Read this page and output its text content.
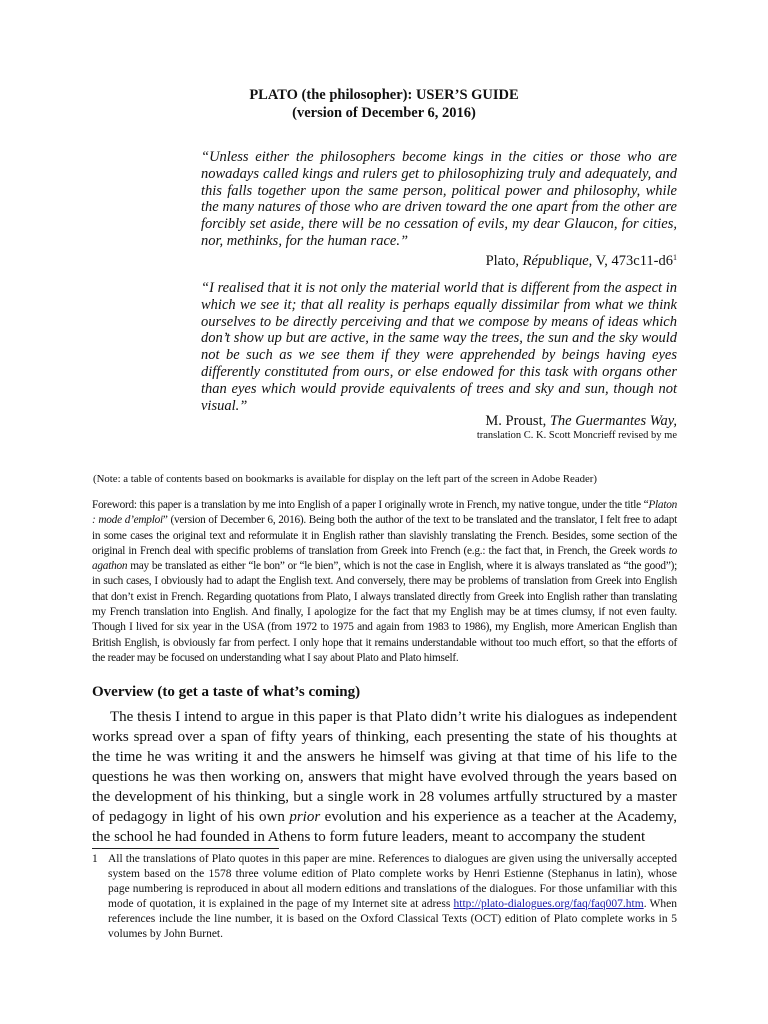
PLATO (the philosopher): USER’S GUIDE
(version of December 6, 2016)

“Unless either the philosophers become kings in the cities or those who are nowadays called kings and rulers get to philosophizing truly and adequately, and this falls together upon the same person, political power and philosophy, while the many natures of those who are driven toward the one apart from the other are forcibly set aside, there will be no cessation of evils, my dear Glaucon, for cities, nor, methinks, for the human race.”

Plato, République, V, $473c11-d6^1$

“I realised that it is not only the material world that is different from the aspect in which we see it; that all reality is perhaps equally dissimilar from what we think ourselves to be directly perceiving and that we compose by means of ideas which don’t show up but are active, in the same way the trees, the sun and the sky would not be such as we see them if they were apprehended by beings having eyes differently constituted from ours, or else endowed for this task with organs other than eyes which would provide equivalents of trees and sky and sun, though not visual.”

M. Proust, The Guermantes Way,
translation C. K. Scott Moncrieff revised by me
(Note: a table of contents based on bookmarks is available for display on the left part of the screen in Adobe Reader)

Foreword: this paper is a translation by me into English of a paper I originally wrote in French, my native tongue, under the title “Platon : mode d’emploi” (version of December 6, 2016). Being both the author of the text to be translated and the translator, I felt free to adapt in some cases the original text and reformulate it in English rather than slavishly translating the French. Besides, some section of the original in French deal with specific problems of translation from Greek into French (e.g.: the fact that, in French, the Greek words to agathon may be translated as either “le bon” or “le bien”, which is not the case in English, where it is always translated as “the good”); in such cases, I obviously had to adapt the English text. And conversely, there may be problems of translation from Greek into English that don’t exist in French. Regarding quotations from Plato, I always translated directly from Greek into English rather than translating my French translation into English. And finally, I apologize for the fact that my English may be at times clumsy, if not even faulty. Though I lived for six year in the USA (from 1972 to 1975 and again from 1983 to 1986), my English, more American English than British English, is obviously far from perfect. I only hope that it remains understandable without too much effort, so that the efforts of the reader may be focused on understanding what I say about Plato and Plato himself.

Overview (to get a taste of what’s coming)

The thesis I intend to argue in this paper is that Plato didn’t write his dialogues as independent works spread over a span of fifty years of thinking, each presenting the state of his thoughts at the time he was writing it and the answers he himself was giving at that time of his life to the questions he was then working on, answers that might have evolved through the years based on the development of his thinking, but a single work in 28 volumes artfully structured by a master of pedagogy in light of his own prior evolution and his experience as a teacher at the Academy, the school he had founded in Athens to form future leaders, meant to accompany the student

1 All the translations of Plato quotes in this paper are mine. References to dialogues are given using the universally accepted system based on the 1578 three volume edition of Plato complete works by Henri Estienne (Stephanus in latin), whose page numbering is reproduced in about all modern editions and translations of the dialogues. For those unfamiliar with this mode of quotation, it is explained in the page of my Internet site at adress http://plato-dialogues.org/faq/faq007.htm. When references include the line number, it is based on the Oxford Classical Texts (OCT) edition of Plato complete works in 5 volumes by John Burnet.
